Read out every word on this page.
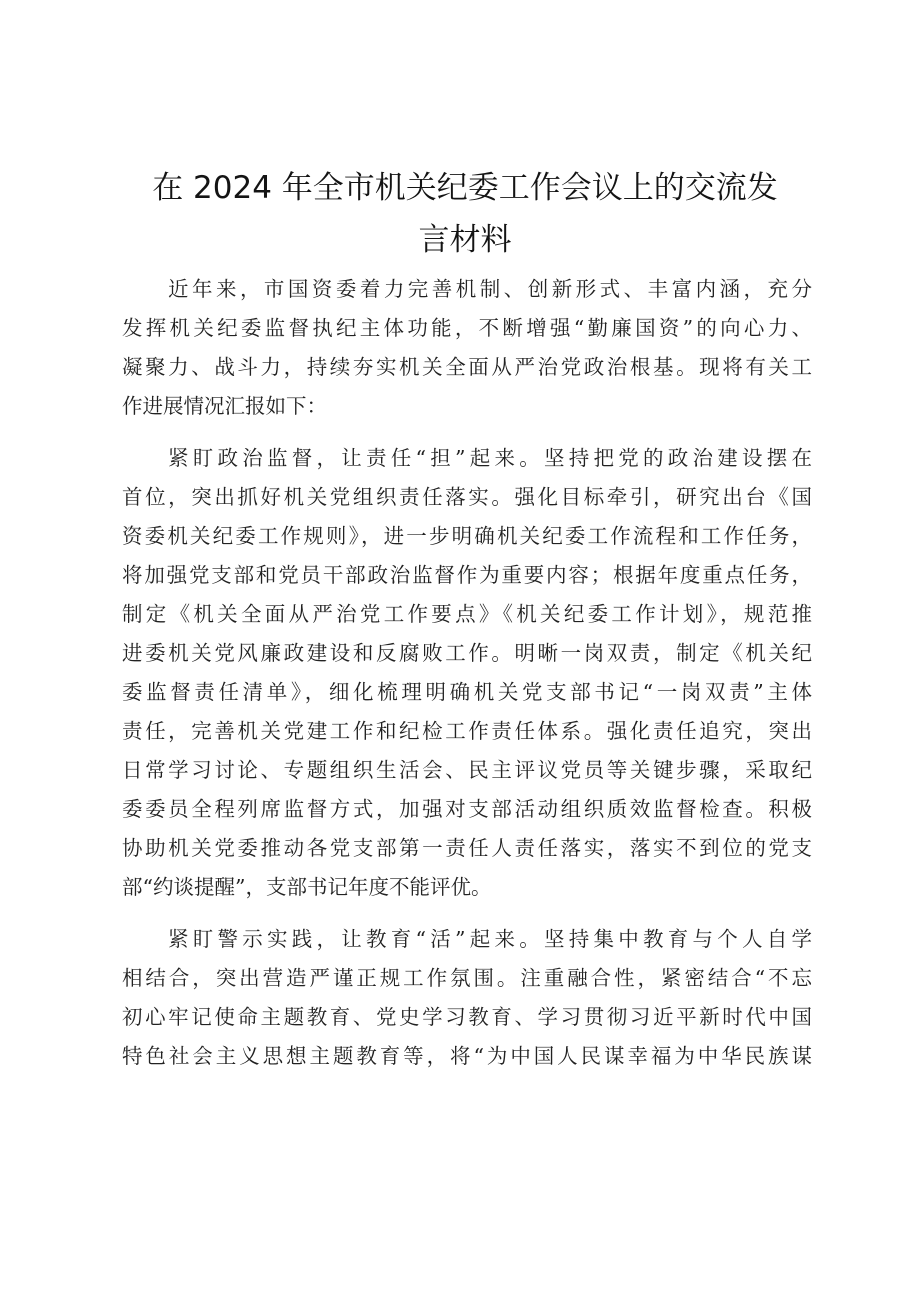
在 2024 年全市机关纪委工作会议上的交流发
言材料
近年来，市国资委着力完善机制、创新形式、丰富内涵，充分
发挥机关纪委监督执纪主体功能，不断增强“勤廉国资”的向心力、
凝聚力、战斗力，持续夯实机关全面从严治党政治根基。现将有关工
作进展情况汇报如下：
紧盯政治监督，让责任“担”起来。坚持把党的政治建设摆在
首位，突出抓好机关党组织责任落实。强化目标牵引，研究出台《国
资委机关纪委工作规则》，进一步明确机关纪委工作流程和工作任务，
将加强党支部和党员干部政治监督作为重要内容；根据年度重点任务，
制定《机关全面从严治党工作要点》《机关纪委工作计划》，规范推
进委机关党风廉政建设和反腐败工作。明晰一岗双责，制定《机关纪
委监督责任清单》，细化梳理明确机关党支部书记“一岗双责”主体
责任，完善机关党建工作和纪检工作责任体系。强化责任追究，突出
日常学习讨论、专题组织生活会、民主评议党员等关键步骤，采取纪
委委员全程列席监督方式，加强对支部活动组织质效监督检查。积极
协助机关党委推动各党支部第一责任人责任落实，落实不到位的党支
部“约谈提醒”，支部书记年度不能评优。
紧盯警示实践，让教育“活”起来。坚持集中教育与个人自学
相结合，突出营造严谨正规工作氛围。注重融合性，紧密结合“不忘
初心牢记使命主题教育、党史学习教育、学习贯彻习近平新时代中国
特色社会主义思想主题教育等，将“为中国人民谋幸福为中华民族谋
